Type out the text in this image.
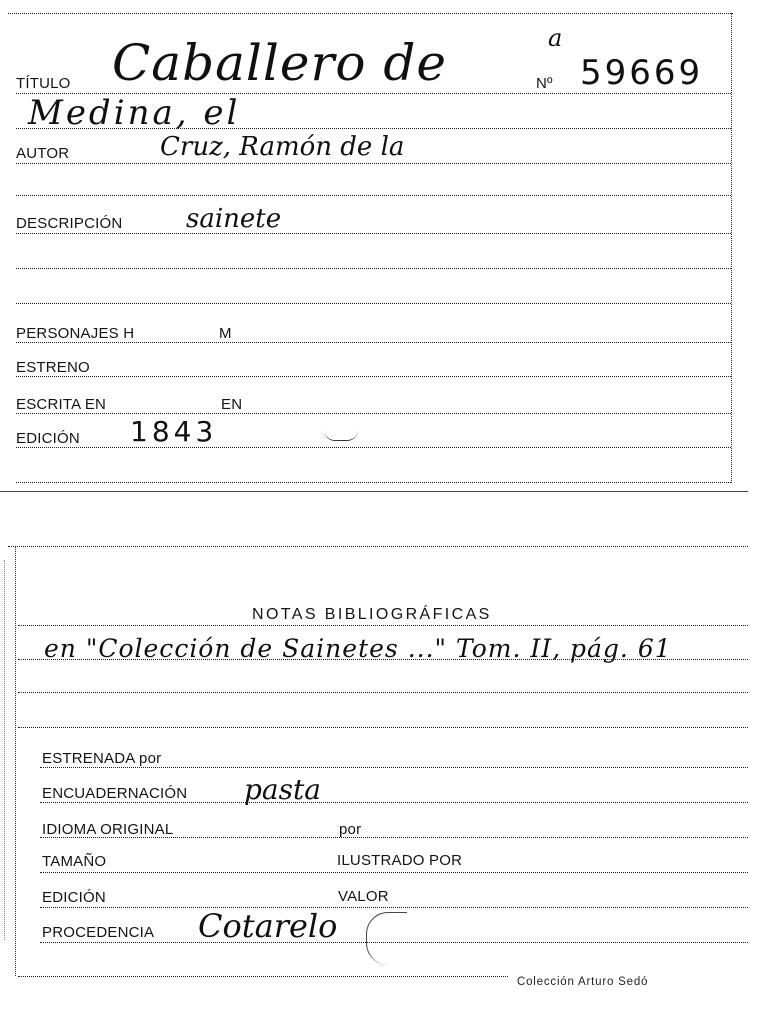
TÍTULO Caballero de	a
Nº 59669
Medina, el
AUTOR	Cruz, Ramón de la
DESCRIPCIÓN sainete
PERSONAJES H	M
ESTRENO
ESCRITA EN	EN
EDICIÓN 1843
NOTAS BIBLIOGRÁFICAS
en "Colección de Sainetes ..." Tom. II, pág. 61
ESTRENADA por
ENCUADERNACIÓN pasta
IDIOMA ORIGINAL	por
TAMAÑO	ILUSTRADO POR
EDICIÓN	VALOR
PROCEDENCIA Cotarelo
Colección Arturo Sedó
